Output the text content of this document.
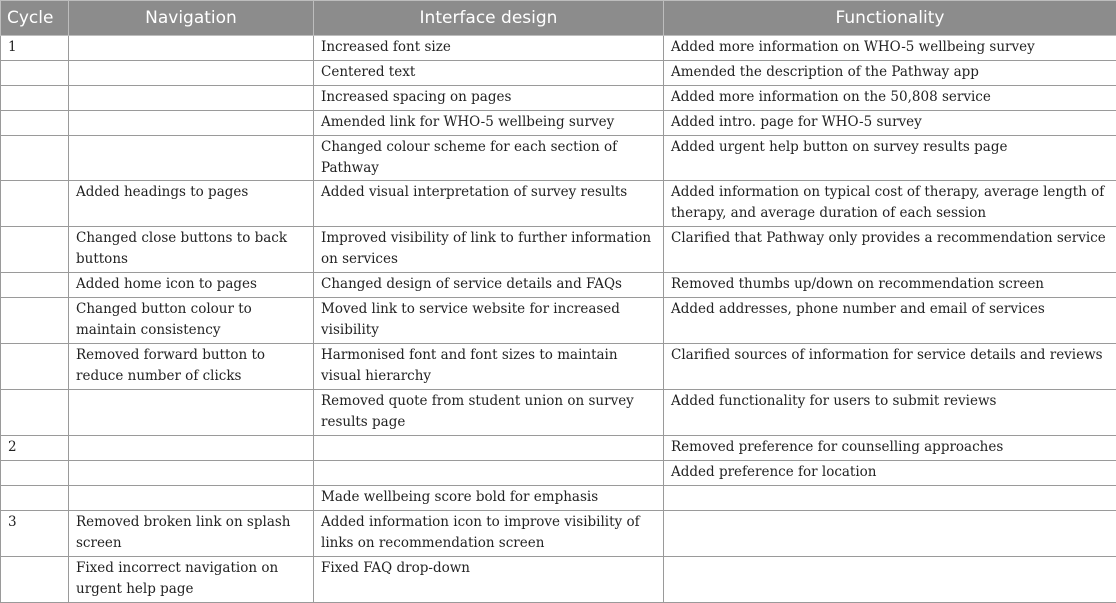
Cycle	Navigation	Interface design	Functionality
1		Increased font size	Added more information on WHO-5 wellbeing survey
		Centered text	Amended the description of the Pathway app
		Increased spacing on pages	Added more information on the 50,808 service
		Amended link for WHO-5 wellbeing survey	Added intro. page for WHO-5 survey
		Changed colour scheme for each section of Pathway	Added urgent help button on survey results page
	Added headings to pages	Added visual interpretation of survey results	Added information on typical cost of therapy, average length of therapy, and average duration of each session
	Changed close buttons to back buttons	Improved visibility of link to further information on services	Clarified that Pathway only provides a recommendation service
	Added home icon to pages	Changed design of service details and FAQs	Removed thumbs up/down on recommendation screen
	Changed button colour to maintain consistency	Moved link to service website for increased visibility	Added addresses, phone number and email of services
	Removed forward button to reduce number of clicks	Harmonised font and font sizes to maintain visual hierarchy	Clarified sources of information for service details and reviews
		Removed quote from student union on survey results page	Added functionality for users to submit reviews
2			Removed preference for counselling approaches
			Added preference for location
		Made wellbeing score bold for emphasis	
3	Removed broken link on splash screen	Added information icon to improve visibility of links on recommendation screen	
	Fixed incorrect navigation on urgent help page	Fixed FAQ drop-down	
